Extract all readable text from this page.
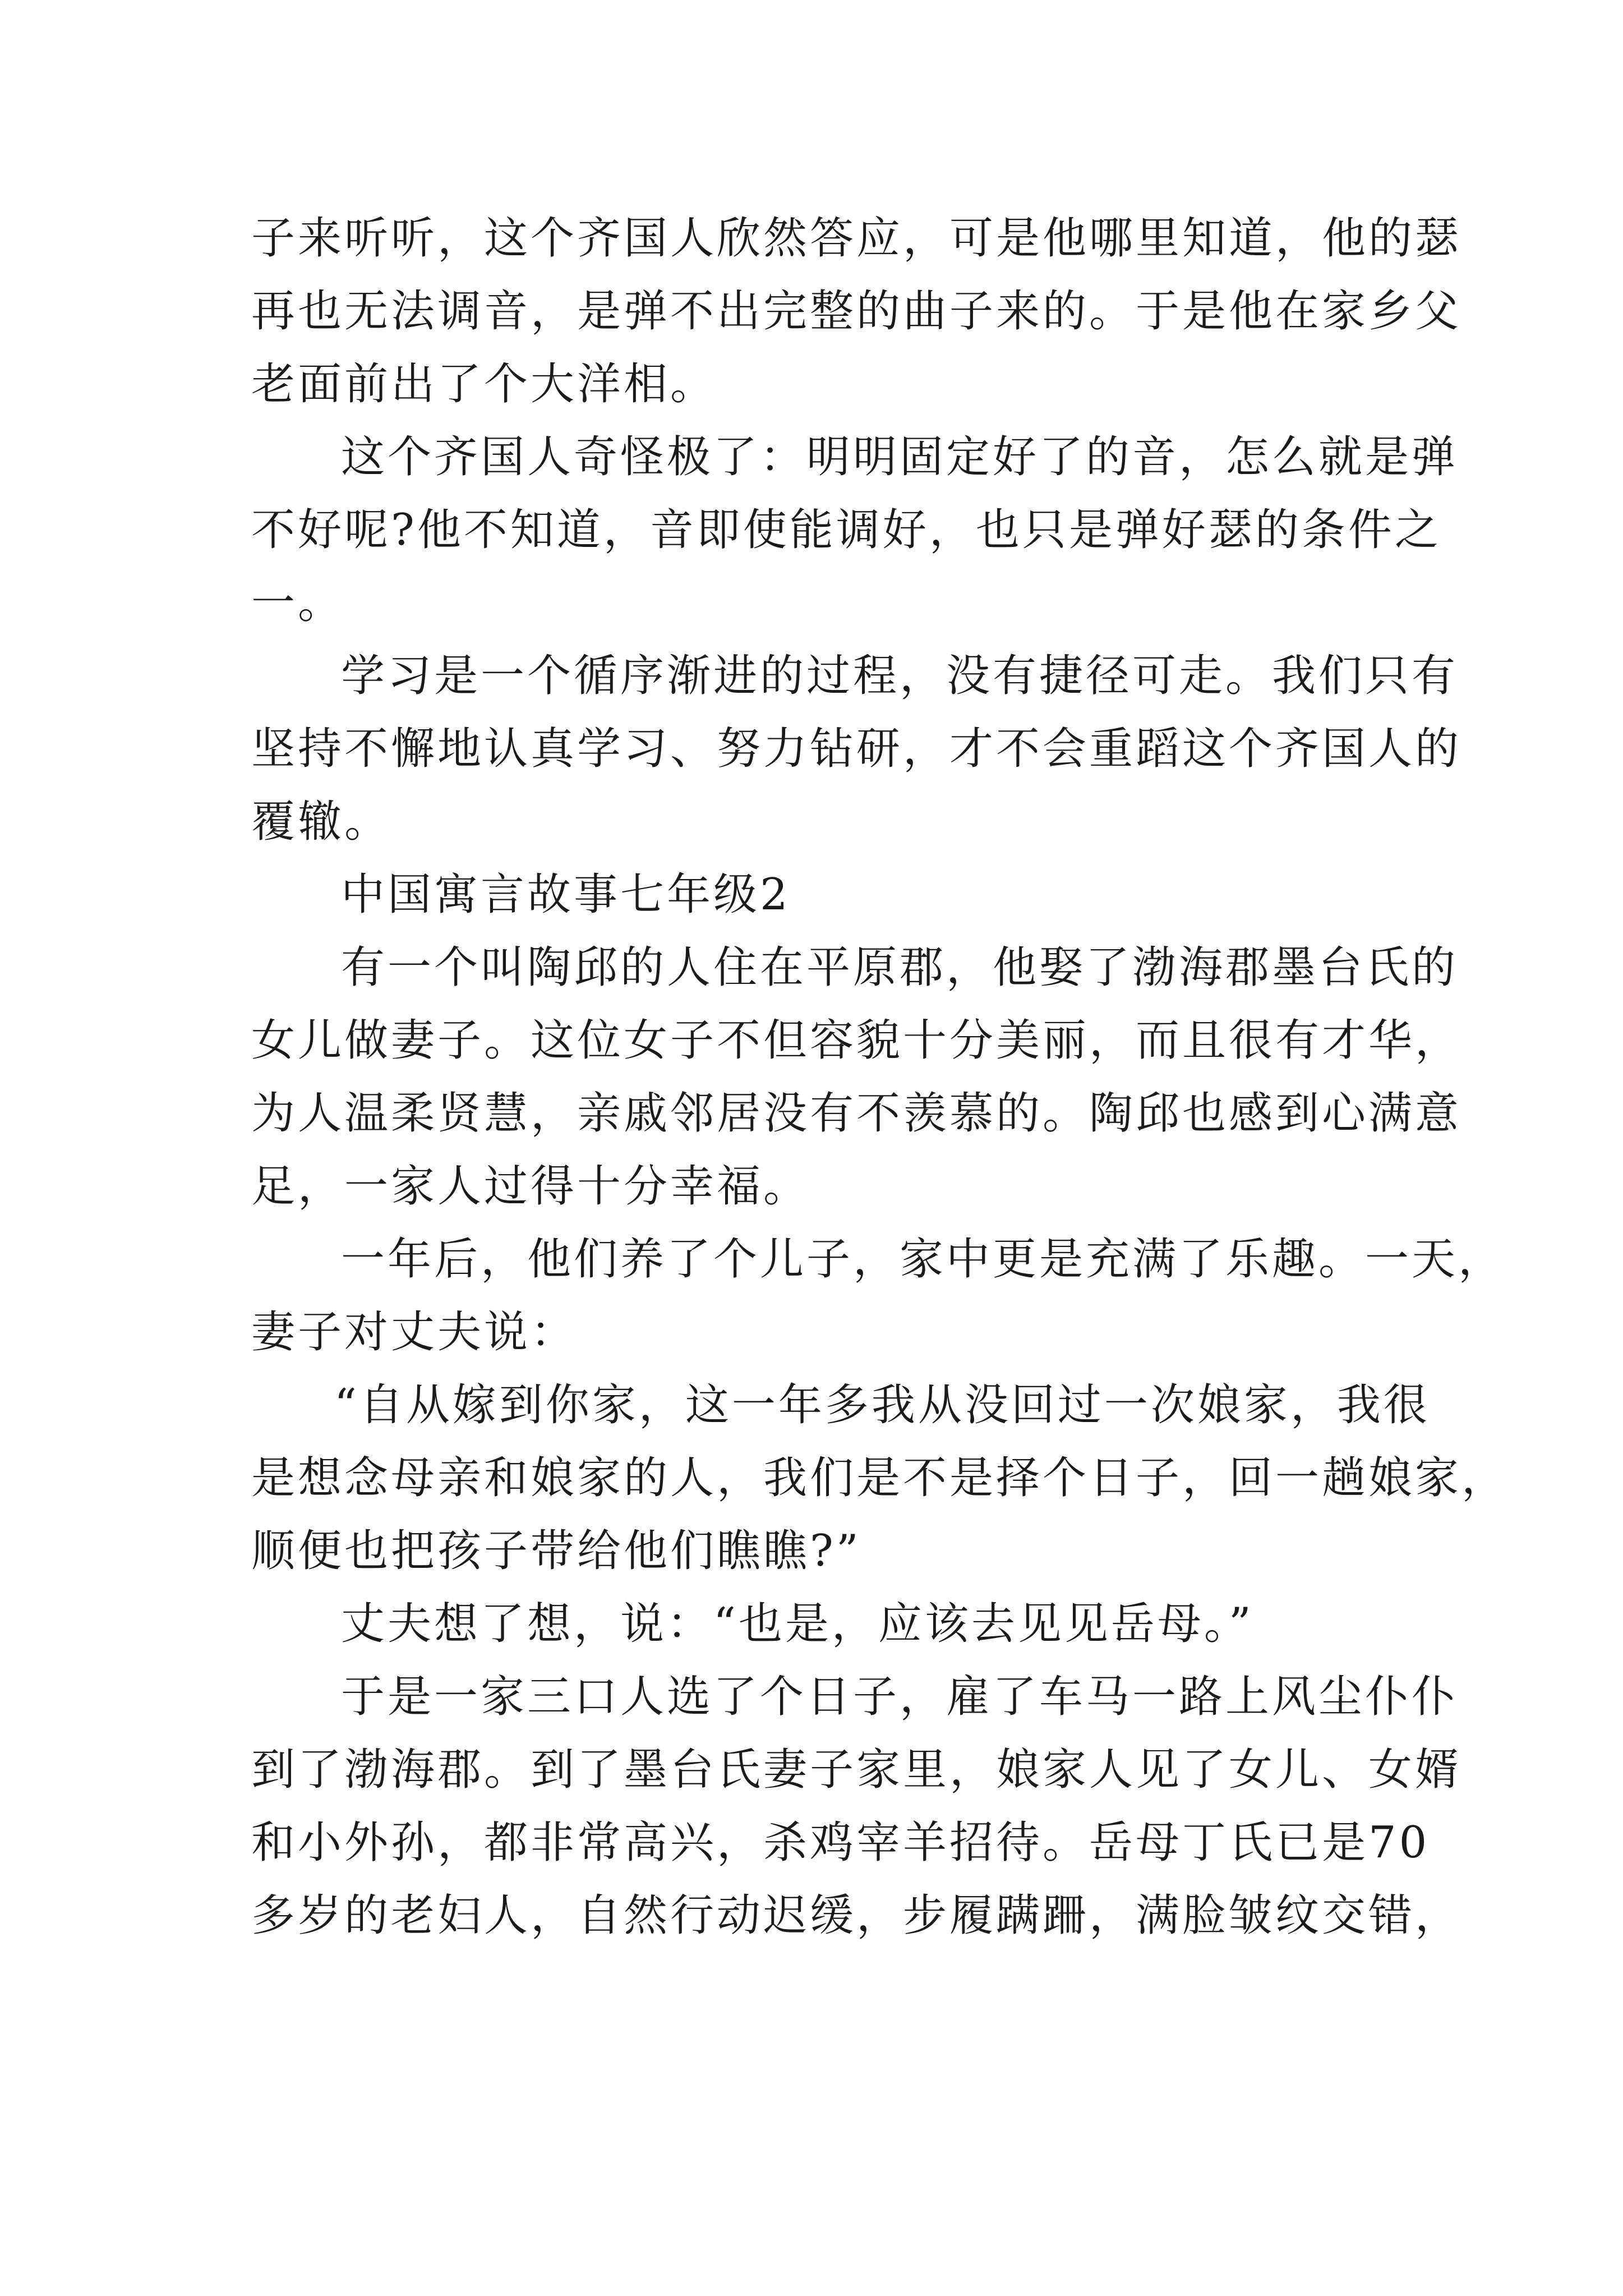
子来听听，这个齐国人欣然答应，可是他哪里知道，他的瑟
再也无法调音，是弹不出完整的曲子来的。于是他在家乡父
老面前出了个大洋相。
这个齐国人奇怪极了：明明固定好了的音，怎么就是弹
不好呢?他不知道，音即使能调好，也只是弹好瑟的条件之
一。
学习是一个循序渐进的过程，没有捷径可走。我们只有
坚持不懈地认真学习、努力钻研，才不会重蹈这个齐国人的
覆辙。
中国寓言故事七年级2
有一个叫陶邱的人住在平原郡，他娶了渤海郡墨台氏的
女儿做妻子。这位女子不但容貌十分美丽，而且很有才华，
为人温柔贤慧，亲戚邻居没有不羡慕的。陶邱也感到心满意
足，一家人过得十分幸福。
一年后，他们养了个儿子，家中更是充满了乐趣。一天，
妻子对丈夫说：
“自从嫁到你家，这一年多我从没回过一次娘家，我很
是想念母亲和娘家的人，我们是不是择个日子，回一趟娘家，
顺便也把孩子带给他们瞧瞧?”
丈夫想了想，说：“也是，应该去见见岳母。”
于是一家三口人选了个日子，雇了车马一路上风尘仆仆
到了渤海郡。到了墨台氏妻子家里，娘家人见了女儿、女婿
和小外孙，都非常高兴，杀鸡宰羊招待。岳母丁氏已是70
多岁的老妇人，自然行动迟缓，步履蹒跚，满脸皱纹交错，
